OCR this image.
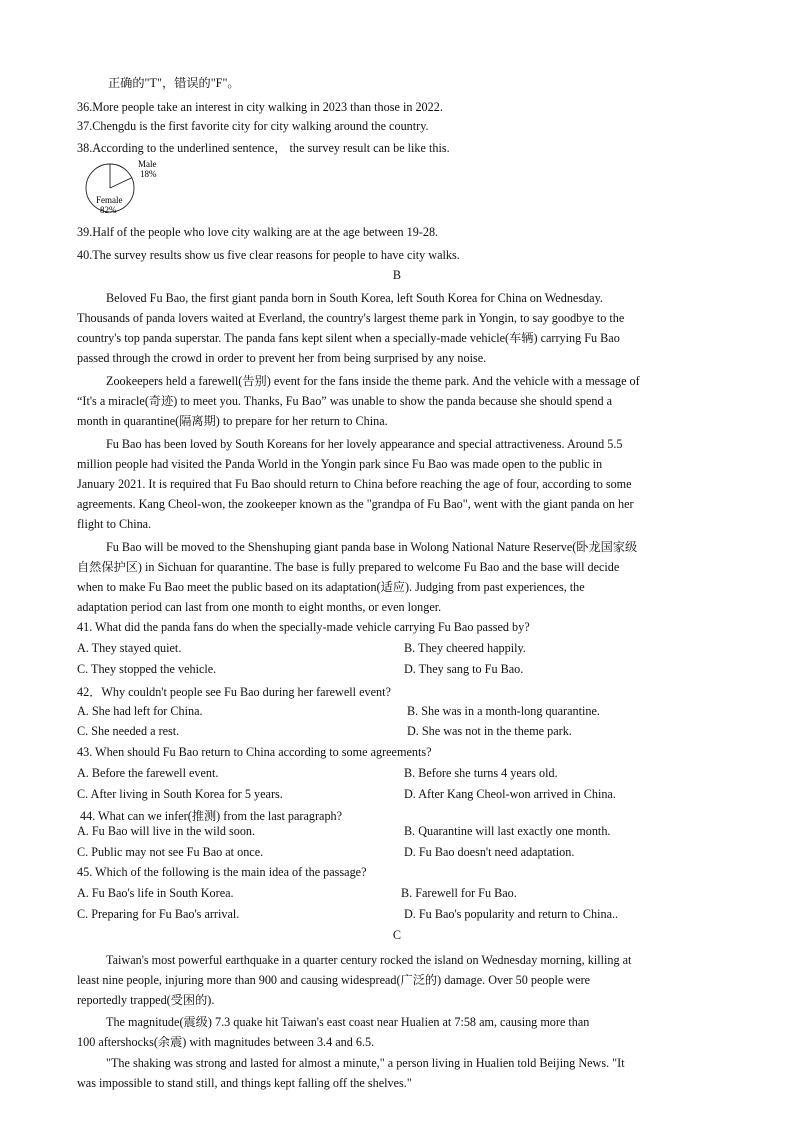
正确的"T"，错误的"F"。
36.More people take an interest in city walking in 2023 than those in 2022.
37.Chengdu is the first favorite city for city walking around the country.
38.According to the underlined sentence， the survey result can be like this.
Male
18%
Female
82%
39.Half of the people who love city walking are at the age between 19-28.
40.The survey results show us five clear reasons for people to have city walks.
B
Beloved Fu Bao, the first giant panda born in South Korea, left South Korea for China on Wednesday.
Thousands of panda lovers waited at Everland, the country's largest theme park in Yongin, to say goodbye to the
country's top panda superstar. The panda fans kept silent when a specially-made vehicle(车辆) carrying Fu Bao
passed through the crowd in order to prevent her from being surprised by any noise.
Zookeepers held a farewell(告别) event for the fans inside the theme park. And the vehicle with a message of
“It's a miracle(奇迹) to meet you. Thanks, Fu Bao” was unable to show the panda because she should spend a
month in quarantine(隔离期) to prepare for her return to China.
Fu Bao has been loved by South Koreans for her lovely appearance and special attractiveness. Around 5.5
million people had visited the Panda World in the Yongin park since Fu Bao was made open to the public in
January 2021. It is required that Fu Bao should return to China before reaching the age of four, according to some
agreements. Kang Cheol-won, the zookeeper known as the "grandpa of Fu Bao", went with the giant panda on her
flight to China.
Fu Bao will be moved to the Shenshuping giant panda base in Wolong National Nature Reserve(卧龙国家级
自然保护区) in Sichuan for quarantine. The base is fully prepared to welcome Fu Bao and the base will decide
when to make Fu Bao meet the public based on its adaptation(适应). Judging from past experiences, the
adaptation period can last from one month to eight months, or even longer.
41. What did the panda fans do when the specially-made vehicle carrying Fu Bao passed by?
A. They stayed quiet.	B. They cheered happily.
C. They stopped the vehicle.	D. They sang to Fu Bao.
42．Why couldn't people see Fu Bao during her farewell event?
A. She had left for China.	B. She was in a month-long quarantine.
C. She needed a rest.	D. She was not in the theme park.
43. When should Fu Bao return to China according to some agreements?
A. Before the farewell event.	B. Before she turns 4 years old.
C. After living in South Korea for 5 years.	D. After Kang Cheol-won arrived in China.
44. What can we infer(推测) from the last paragraph?
A. Fu Bao will live in the wild soon.	B. Quarantine will last exactly one month.
C. Public may not see Fu Bao at once.	D. Fu Bao doesn't need adaptation.
45. Which of the following is the main idea of the passage?
A. Fu Bao's life in South Korea.	B. Farewell for Fu Bao.
C. Preparing for Fu Bao's arrival.	D. Fu Bao's popularity and return to China..
C
Taiwan's most powerful earthquake in a quarter century rocked the island on Wednesday morning, killing at
least nine people, injuring more than 900 and causing widespread(广泛的) damage. Over 50 people were
reportedly trapped(受困的).
The magnitude(震级) 7.3 quake hit Taiwan's east coast near Hualien at 7:58 am, causing more than
100 aftershocks(余震) with magnitudes between 3.4 and 6.5.
"The shaking was strong and lasted for almost a minute," a person living in Hualien told Beijing News. "It
was impossible to stand still, and things kept falling off the shelves."
